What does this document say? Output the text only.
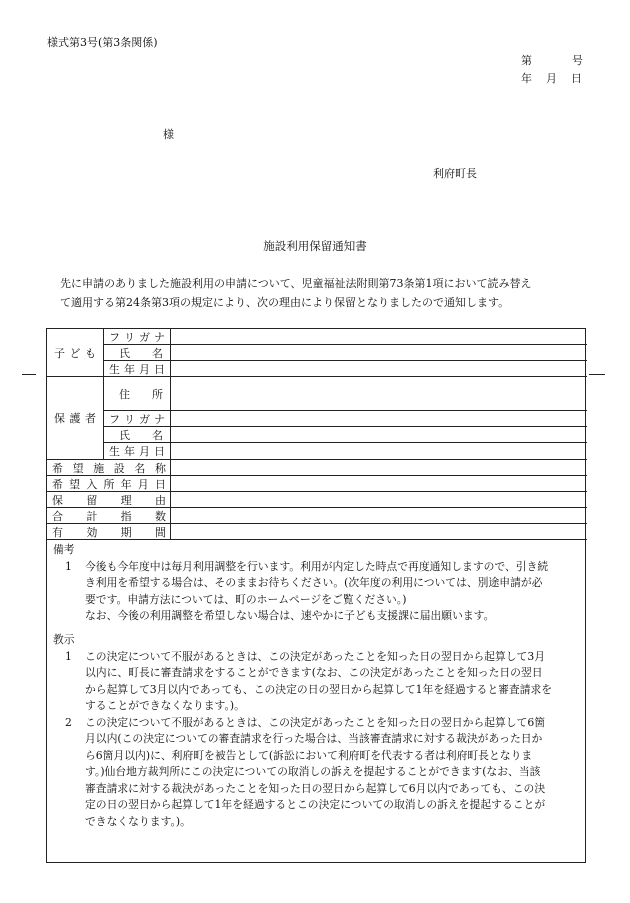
様式第3号(第3条関係)
第	号
年 月 日
様
利府町長
施設利用保留通知書

先に申請のありました施設利用の申請について、児童福祉法附則第73条第1項において読み替え

て適用する第24条第3項の規定により、次の理由により保留となりましたので通知します。

子 ど も
フ リ ガ ナ
氏 名
生 年 月 日
保 護 者
住 所
フ リ ガ ナ
氏 名
生 年 月 日
希 望 施 設 名 称
希 望 入 所 年 月 日
保 留 理 由
合 計 指 数
有 効 期 間

備考

1 今後も今年度中は毎月利用調整を行います。利用が内定した時点で再度通知しますので、引き続

き利用を希望する場合は、そのままお待ちください。(次年度の利用については、別途申請が必

要です。申請方法については、町のホームページをご覧ください。)

なお、今後の利用調整を希望しない場合は、速やかに子ども支援課に届出願います。

教示

1 この決定について不服があるときは、この決定があったことを知った日の翌日から起算して3月

以内に、町長に審査請求をすることができます(なお、この決定があったことを知った日の翌日

から起算して3月以内であっても、この決定の日の翌日から起算して1年を経過すると審査請求を

することができなくなります。)。

2 この決定について不服があるときは、この決定があったことを知った日の翌日から起算して6箇

月以内(この決定についての審査請求を行った場合は、当該審査請求に対する裁決があった日か

ら6箇月以内)に、利府町を被告として(訴訟において利府町を代表する者は利府町長となりま

す。)仙台地方裁判所にこの決定についての取消しの訴えを提起することができます(なお、当該

審査請求に対する裁決があったことを知った日の翌日から起算して6月以内であっても、この決

定の日の翌日から起算して1年を経過するとこの決定についての取消しの訴えを提起することが

できなくなります。)。
